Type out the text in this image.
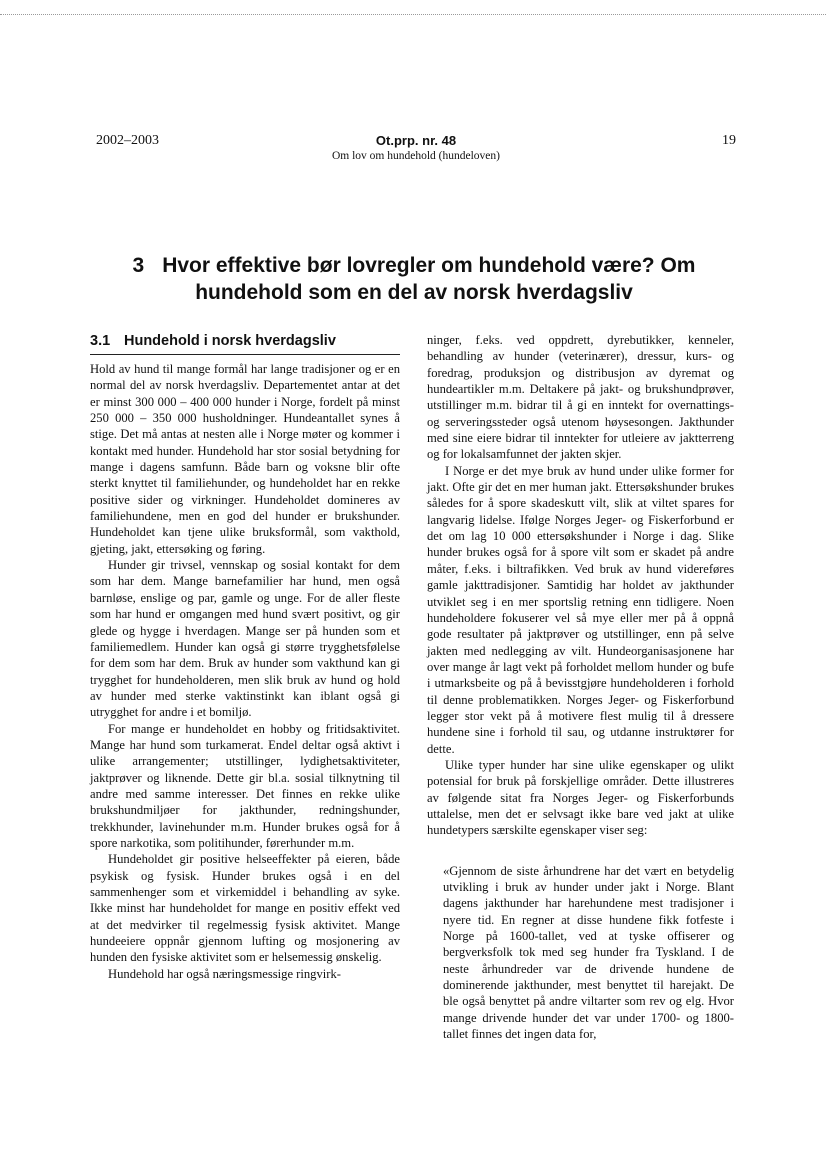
2002–2003	Ot.prp. nr. 48
Om lov om hundehold (hundeloven)
19
3 Hvor effektive bør lovregler om hundehold være? Om
hundehold som en del av norsk hverdagsliv
3.1 Hundehold i norsk hverdagsliv

Hold av hund til mange formål har lange tradisjoner og er en normal del av norsk hverdagsliv. Departementet antar at det er minst 300 000 – 400 000 hunder i Norge, fordelt på minst 250 000 – 350 000 husholdninger. Hundeantallet synes å stige. Det må antas at nesten alle i Norge møter og kommer i kontakt med hunder. Hundehold har stor sosial betydning for mange i dagens samfunn. Både barn og voksne blir ofte sterkt knyttet til familiehunder, og hundeholdet har en rekke positive sider og virkninger. Hundeholdet domineres av familiehundene, men en god del hunder er brukshunder. Hundeholdet kan tjene ulike bruksformål, som vakthold, gjeting, jakt, ettersøking og føring.

Hunder gir trivsel, vennskap og sosial kontakt for dem som har dem. Mange barnefamilier har hund, men også barnløse, enslige og par, gamle og unge. For de aller fleste som har hund er omgangen med hund svært positivt, og gir glede og hygge i hverdagen. Mange ser på hunden som et familiemedlem. Hunder kan også gi større trygghetsfølelse for dem som har dem. Bruk av hunder som vakthund kan gi trygghet for hundeholderen, men slik bruk av hund og hold av hunder med sterke vaktinstinkt kan iblant også gi utrygghet for andre i et bomiljø.

For mange er hundeholdet en hobby og fritidsaktivitet. Mange har hund som turkamerat. Endel deltar også aktivt i ulike arrangementer; utstillinger, lydighetsaktiviteter, jaktprøver og liknende. Dette gir bl.a. sosial tilknytning til andre med samme interesser. Det finnes en rekke ulike brukshundmiljøer for jakthunder, redningshunder, trekkhunder, lavinehunder m.m. Hunder brukes også for å spore narkotika, som politihunder, førerhunder m.m.

Hundeholdet gir positive helseeffekter på eieren, både psykisk og fysisk. Hunder brukes også i en del sammenhenger som et virkemiddel i behandling av syke. Ikke minst har hundeholdet for mange en positiv effekt ved at det medvirker til regelmessig fysisk aktivitet. Mange hundeeiere oppnår gjennom lufting og mosjonering av hunden den fysiske aktivitet som er helsemessig ønskelig.

Hundehold har også næringsmessige ringvirk-

ninger, f.eks. ved oppdrett, dyrebutikker, kenneler, behandling av hunder (veterinærer), dressur, kurs- og foredrag, produksjon og distribusjon av dyremat og hundeartikler m.m. Deltakere på jakt- og brukshundprøver, utstillinger m.m. bidrar til å gi en inntekt for overnattings- og serveringssteder også utenom høysesongen. Jakthunder med sine eiere bidrar til inntekter for utleiere av jaktterreng og for lokalsamfunnet der jakten skjer.

I Norge er det mye bruk av hund under ulike former for jakt. Ofte gir det en mer human jakt. Ettersøkshunder brukes således for å spore skadeskutt vilt, slik at viltet spares for langvarig lidelse. Ifølge Norges Jeger- og Fiskerforbund er det om lag 10 000 ettersøkshunder i Norge i dag. Slike hunder brukes også for å spore vilt som er skadet på andre måter, f.eks. i biltrafikken. Ved bruk av hund videreføres gamle jakttradisjoner. Samtidig har holdet av jakthunder utviklet seg i en mer sportslig retning enn tidligere. Noen hundeholdere fokuserer vel så mye eller mer på å oppnå gode resultater på jaktprøver og utstillinger, enn på selve jakten med nedlegging av vilt. Hundeorganisasjonene har over mange år lagt vekt på forholdet mellom hunder og bufe i utmarksbeite og på å bevisstgjøre hundeholderen i forhold til denne problematikken. Norges Jeger- og Fiskerforbund legger stor vekt på å motivere flest mulig til å dressere hundene sine i forhold til sau, og utdanne instruktører for dette.

Ulike typer hunder har sine ulike egenskaper og ulikt potensial for bruk på forskjellige områder. Dette illustreres av følgende sitat fra Norges Jeger- og Fiskerforbunds uttalelse, men det er selvsagt ikke bare ved jakt at ulike hundetypers særskilte egenskaper viser seg:

«Gjennom de siste århundrene har det vært en betydelig utvikling i bruk av hunder under jakt i Norge. Blant dagens jakthunder har harehundene mest tradisjoner i nyere tid. En regner at disse hundene fikk fotfeste i Norge på 1600-tallet, ved at tyske offiserer og bergverksfolk tok med seg hunder fra Tyskland. I de neste århundreder var de drivende hundene de dominerende jakthunder, mest benyttet til harejakt. De ble også benyttet på andre viltarter som rev og elg. Hvor mange drivende hunder det var under 1700- og 1800-tallet finnes det ingen data for,
